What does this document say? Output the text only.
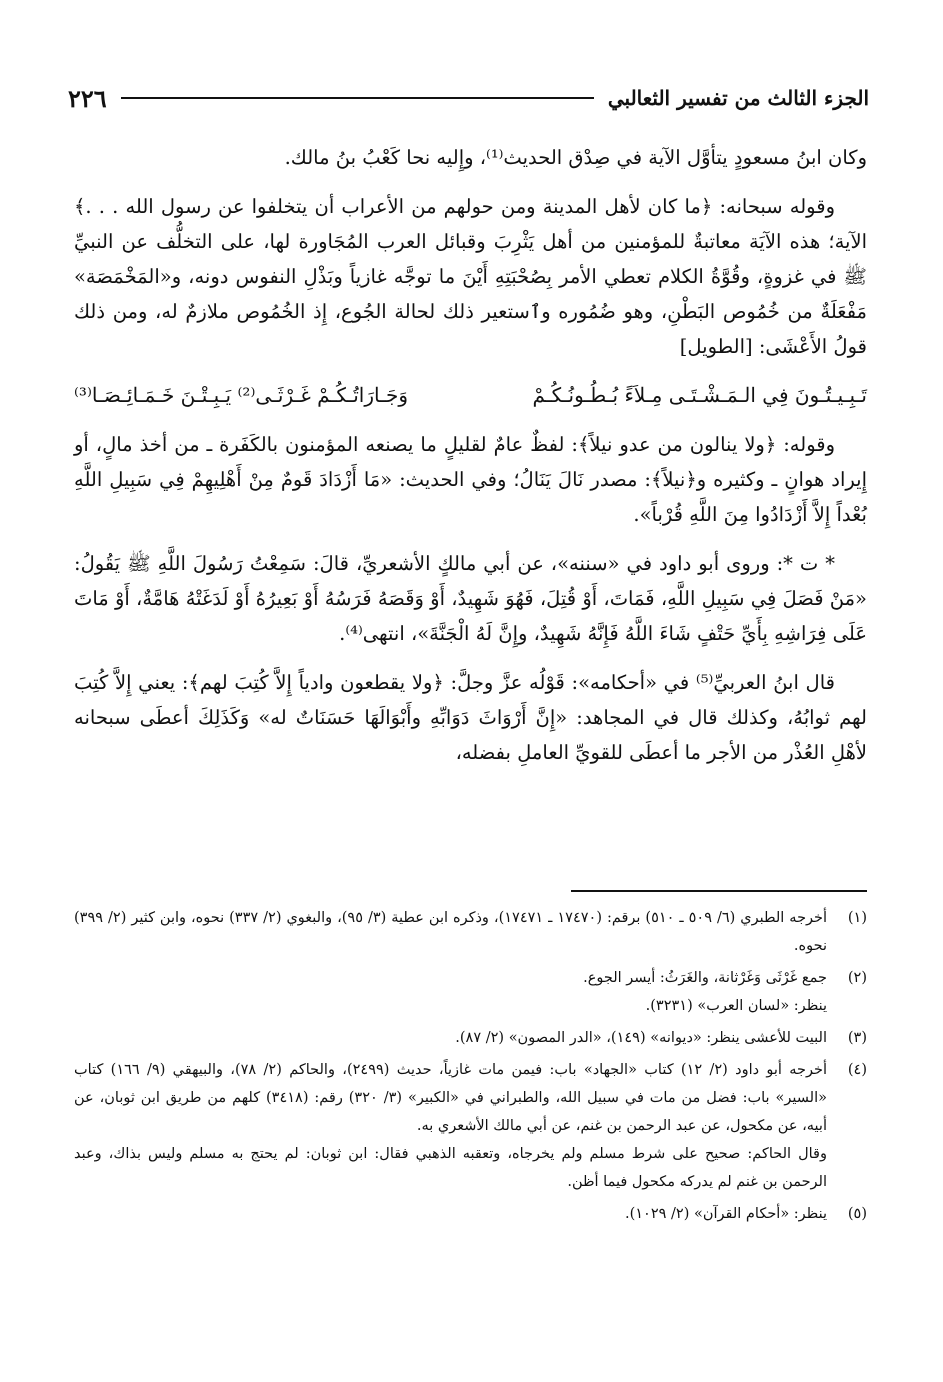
٢٢٦	الجزء الثالث من تفسير الثعالبي

وكان ابنُ مسعودٍ يتأوَّل الآية في صِدْق الحديث⁽¹⁾، وإِليه نحا كَعْبُ بنُ مالك.

وقوله سبحانه: ﴿ما كان لأهل المدينة ومن حولهم من الأعراب أن يتخلفوا عن رسول الله . . .﴾ الآية؛ هذه الآيَة معاتبةٌ للمؤمنين من أهل يَثْرِبَ وقبائل العرب المُجَاورة لها، على التخلُّف عن النبيِّ ﷺ في غزوةٍ، وقُوَّةُ الكلام تعطي الأمر بِصُحْبَتِهِ أَيْنَ ما توجَّه غازياً وبَذْلِ النفوس دونه، و«المَخْمَصَة» مَفْعَلَةٌ من خُمُوص البَطْنِ، وهو ضُمُوره وٱستعير ذلك لحالة الجُوع، إِذ الخُمُوص ملازمٌ له، ومن ذلك قولُ الأَعْشَى: [الطويل]

تَـبِـيـتُـونَ فِي الـمَـشْـتَـى مِـلاَءً بُـطُـونُـكُـمْ
وَجَـارَاتُـكُـمْ غَـرْثَـى⁽²⁾ يَـبِـتْـنَ خَـمَـائِـصَـا⁽³⁾

وقوله: ﴿ولا ينالون من عدو نيلاً﴾: لفظٌ عامٌ لقليلٍ ما يصنعه المؤمنون بالكَفَرة ـ من أخذ مالٍ، أو إِيراد هوانٍ ـ وكثيره و﴿نيلاً﴾: مصدر نَالَ يَنَالُ؛ وفي الحديث: «مَا أَزْدَادَ قَومٌ مِنْ أَهْلِيهِمْ فِي سَبِيلِ اللَّهِ بُعْداً إِلاَّ أَزْدَادُوا مِنَ اللَّهِ قُرْباً».

* ت *: وروى أبو داود في «سننه»، عن أبي مالكٍ الأشعريِّ، قالَ: سَمِعْتُ رَسُولَ اللَّهِ ﷺ يَقُولُ: «مَنْ فَصَلَ فِي سَبِيلِ اللَّهِ، فَمَاتَ، أَوْ قُتِلَ، فَهُوَ شَهِيدٌ، أَوْ وَقَصَهُ فَرَسُهُ أَوْ بَعِيرُهُ أَوْ لَدَغَتْهُ هَامَّةٌ، أَوْ مَاتَ عَلَى فِرَاشِهِ بِأَيِّ حَتْفٍ شَاءَ اللَّهُ فَإِنَّهُ شَهِيدٌ، وإِنَّ لَهُ الْجَنَّةَ»، انتهى⁽⁴⁾.

قال ابنُ العربيِّ⁽⁵⁾ في «أحكامه»: قَوْلُه عزَّ وجلَّ: ﴿ولا يقطعون وادياً إِلاَّ كُتِبَ لهم﴾: يعني إِلاَّ كُتِبَ لهم ثوابُهُ، وكذلك قال في المجاهد: «إِنَّ أَرْوَاثَ دَوَابِّهِ وأَبْوَالَهَا حَسَنَاتٌ له» وَكَذَلِكَ أعطَى سبحانه لأهْلِ العُذْر من الأجر ما أعطَى للقويِّ العاملِ بفضله،

(١)
أخرجه الطبري (٦/ ٥٠٩ ـ ٥١٠) برقم: (١٧٤٧٠ ـ ١٧٤٧١)، وذكره ابن عطية (٣/ ٩٥)، والبغوي (٢/ ٣٣٧) نحوه، وابن كثير (٢/ ٣٩٩) نحوه.
(٢)
جمع غَرْثَى وَغَرْثانة، والغَرَثُ: أيسر الجوع.
ينظر: «لسان العرب» (٣٢٣١).
(٣)
البيت للأعشى ينظر: «ديوانه» (١٤٩)، «الدر المصون» (٢/ ٨٧).
(٤)
أخرجه أبو داود (٢/ ١٢) كتاب «الجهاد» باب: فيمن مات غازياً، حديث (٢٤٩٩)، والحاكم (٢/ ٧٨)، والبيهقي (٩/ ١٦٦) كتاب «السير» باب: فضل من مات في سبيل الله، والطبراني في «الكبير» (٣/ ٣٢٠) رقم: (٣٤١٨) كلهم من طريق ابن ثوبان، عن أبيه، عن مكحول، عن عبد الرحمن بن غنم، عن أبي مالك الأشعري به.
وقال الحاكم: صحيح على شرط مسلم ولم يخرجاه، وتعقبه الذهبي فقال: ابن ثوبان: لم يحتج به مسلم وليس بذاك، وعبد الرحمن بن غنم لم يدركه مكحول فيما أظن.
(٥)
ينظر: «أحكام القرآن» (٢/ ١٠٢٩).
